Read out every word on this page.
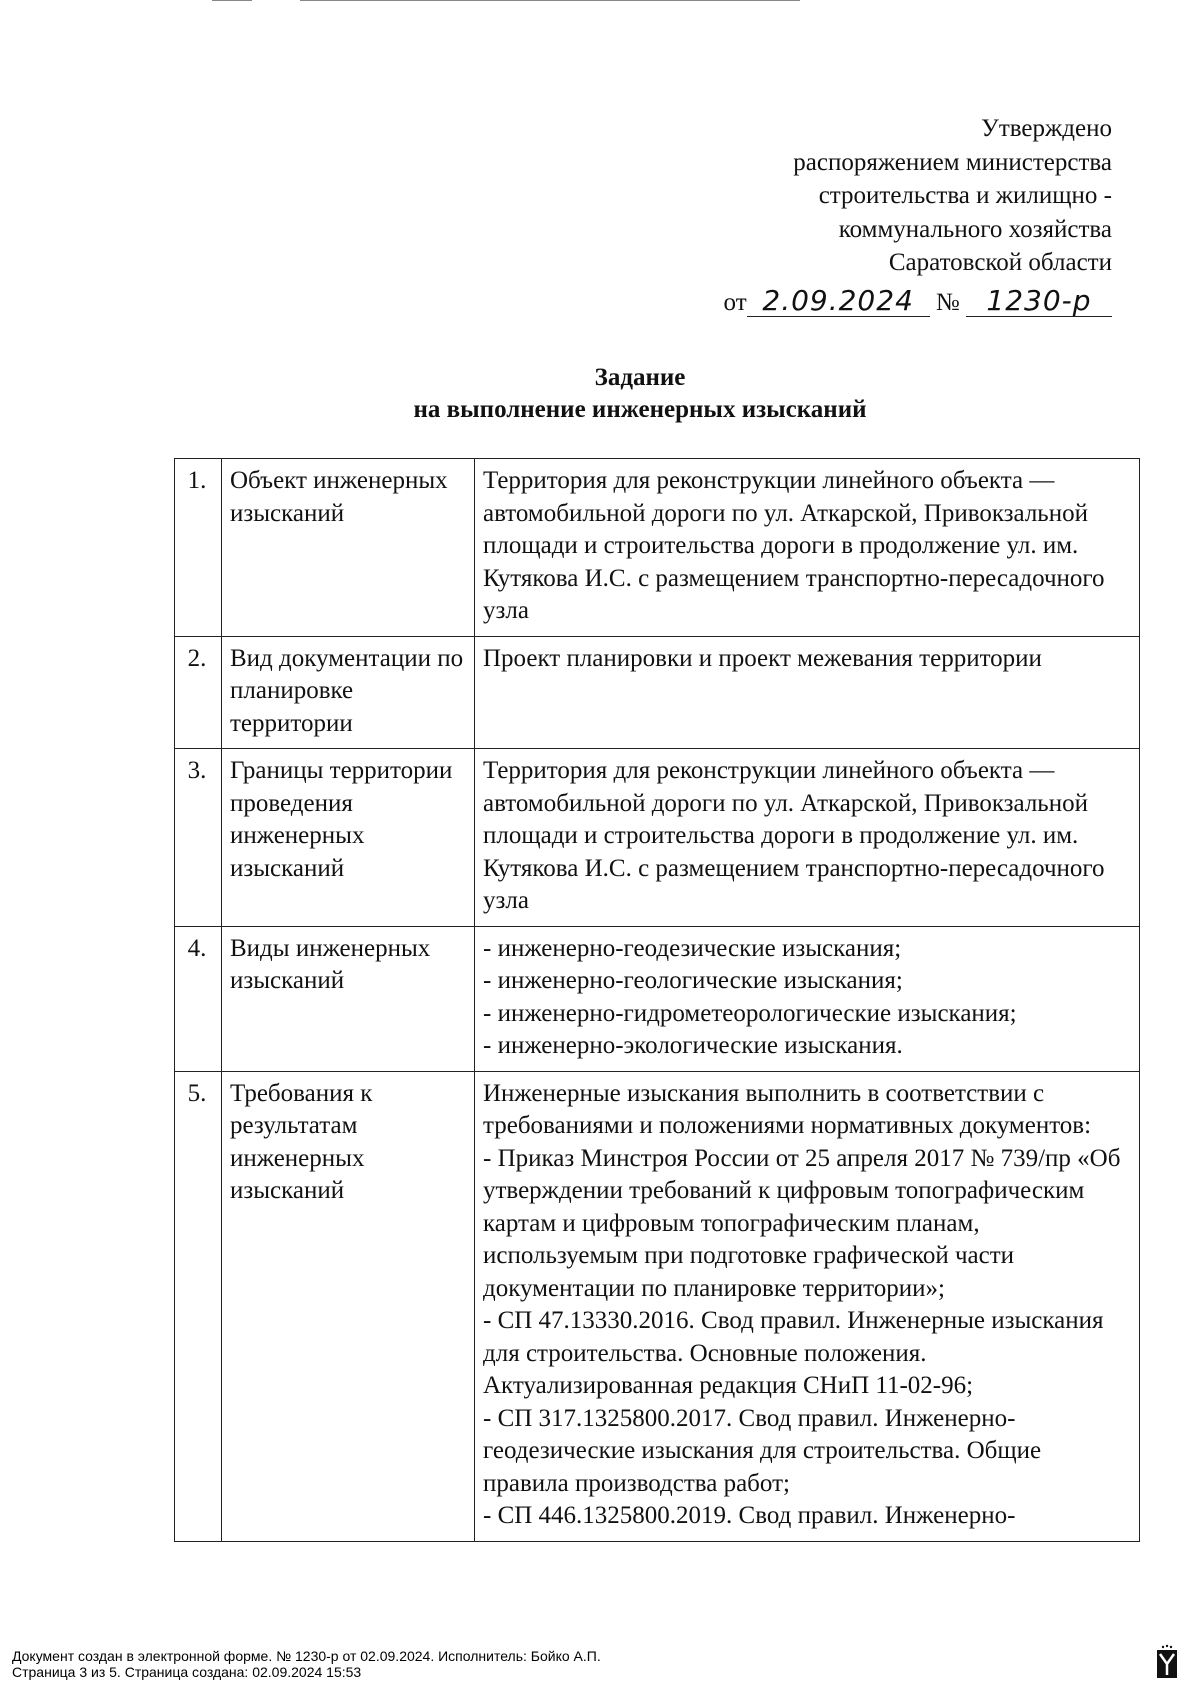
Утверждено
распоряжением министерства
строительства и жилищно -
коммунального хозяйства
Саратовской области
от 2.09.2024 № 1230-р
Задание
на выполнение инженерных изысканий
1.	Объект инженерных изысканий	Территория для реконструкции линейного объекта — автомобильной дороги по ул. Аткарской, Привокзальной площади и строительства дороги в продолжение ул. им. Кутякова И.С. с размещением транспортно-пересадочного узла

2.	Вид документации по планировке территории	Проект планировки и проект межевания территории

3.	Границы территории проведения инженерных изысканий	Территория для реконструкции линейного объекта — автомобильной дороги по ул. Аткарской, Привокзальной площади и строительства дороги в продолжение ул. им. Кутякова И.С. с размещением транспортно-пересадочного узла

4.	Виды инженерных изысканий	- инженерно-геодезические изыскания;
- инженерно-геологические изыскания;
- инженерно-гидрометеорологические изыскания;
- инженерно-экологические изыскания.

5.	Требования к результатам инженерных изысканий	Инженерные изыскания выполнить в соответствии с требованиями и положениями нормативных документов:
- Приказ Минстроя России от 25 апреля 2017 № 739/пр «Об утверждении требований к цифровым топографическим картам и цифровым топографическим планам, используемым при подготовке графической части документации по планировке территории»;
- СП 47.13330.2016. Свод правил. Инженерные изыскания для строительства. Основные положения. Актуализированная редакция СНиП 11-02-96;
- СП 317.1325800.2017. Свод правил. Инженерно-геодезические изыскания для строительства. Общие правила производства работ;
- СП 446.1325800.2019. Свод правил. Инженерно-
Документ создан в электронной форме. № 1230-р от 02.09.2024. Исполнитель: Бойко А.П.
Страница 3 из 5. Страница создана: 02.09.2024 15:53
